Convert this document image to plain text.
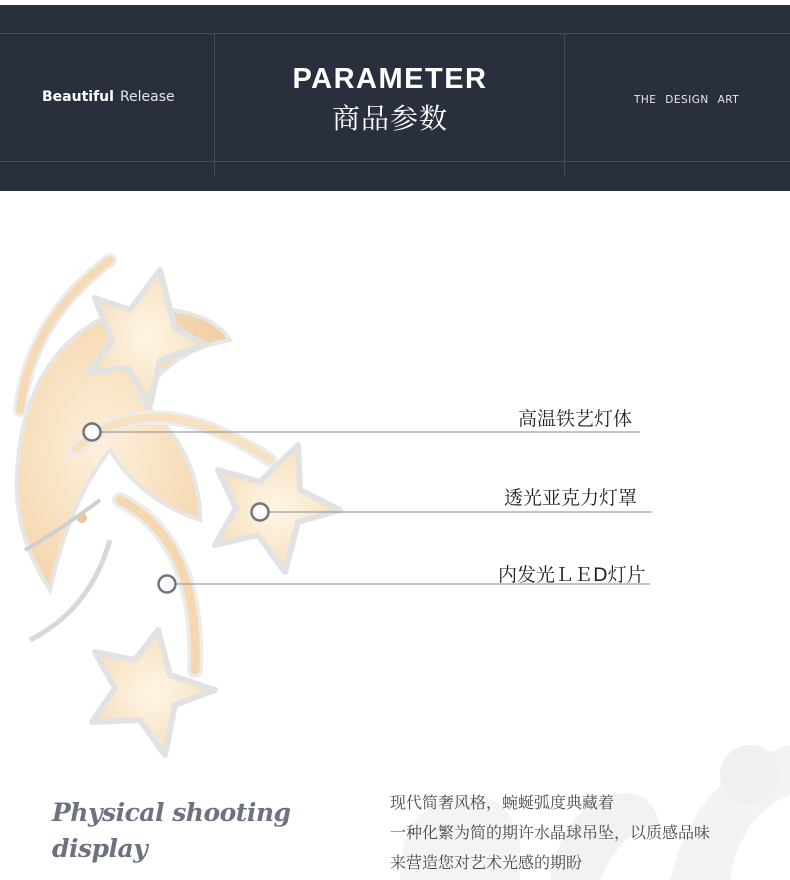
Beautiful Release
PARAMETER
商品参数
THE DESIGN ART
高温铁艺灯体
透光亚克力灯罩
内发光ＬＥD灯片
Physical shooting
display
现代简奢风格，蜿蜒弧度典藏着
一种化繁为简的期许水晶球吊坠，以质感品味
来营造您对艺术光感的期盼
